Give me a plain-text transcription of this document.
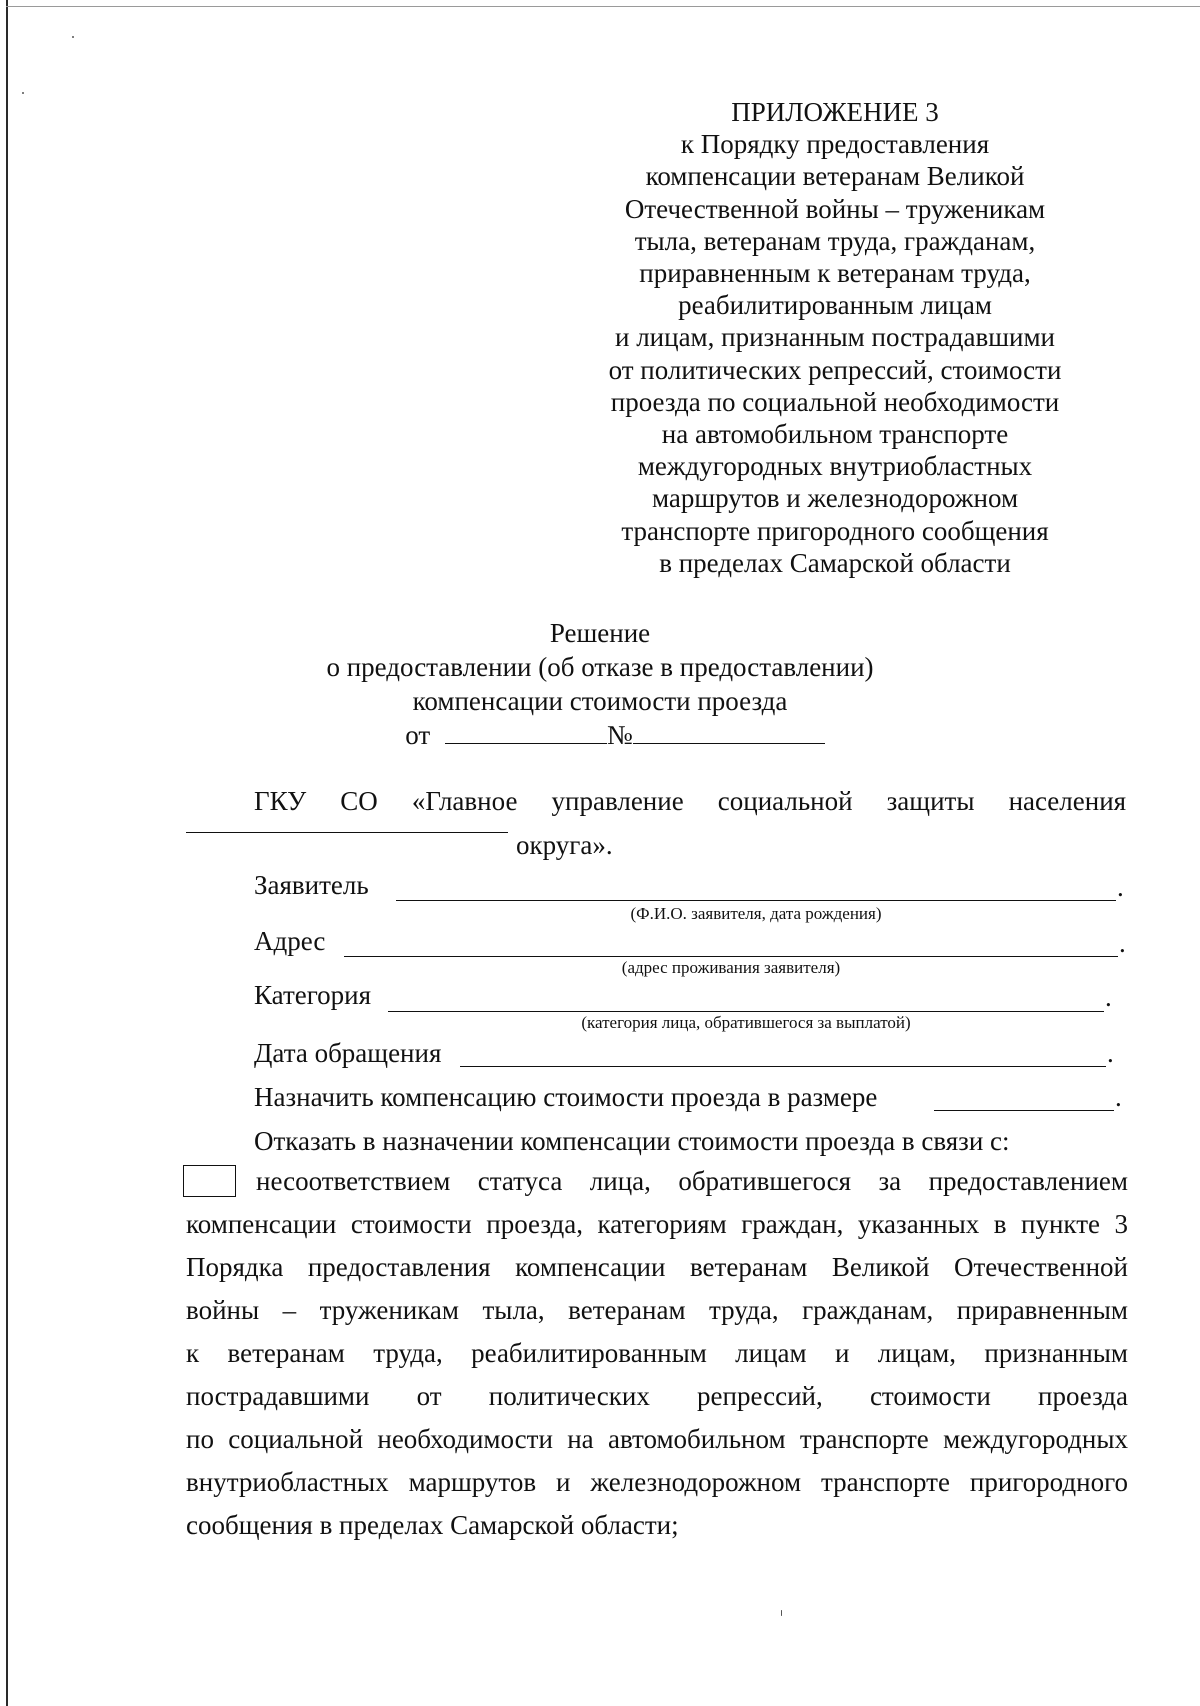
ПРИЛОЖЕНИЕ 3
к Порядку предоставления
компенсации ветеранам Великой
Отечественной войны – труженикам
тыла, ветеранам труда, гражданам,
приравненным к ветеранам труда,
реабилитированным лицам
и лицам, признанным пострадавшими
от политических репрессий, стоимости
проезда по социальной необходимости
на автомобильном транспорте
междугородных внутриобластных
маршрутов и железнодорожном
транспорте пригородного сообщения
в пределах Самарской области
Решение
о предоставлении (об отказе в предоставлении)
компенсации стоимости проезда
от	№
ГКУ СО «Главное управление социальной защиты населения
округа».
Заявитель	.
(Ф.И.О. заявителя, дата рождения)
Адрес	.
(адрес проживания заявителя)
Категория	.
(категория лица, обратившегося за выплатой)
Дата обращения	.
Назначить компенсацию стоимости проезда в размере	.
Отказать в назначении компенсации стоимости проезда в связи с:
несоответствием статуса лица, обратившегося за предоставлением
компенсации стоимости проезда, категориям граждан, указанных в пункте 3
Порядка предоставления компенсации ветеранам Великой Отечественной
войны – труженикам тыла, ветеранам труда, гражданам, приравненным
к ветеранам труда, реабилитированным лицам и лицам, признанным
пострадавшими от политических репрессий, стоимости проезда
по социальной необходимости на автомобильном транспорте междугородных
внутриобластных маршрутов и железнодорожном транспорте пригородного
сообщения в пределах Самарской области;
